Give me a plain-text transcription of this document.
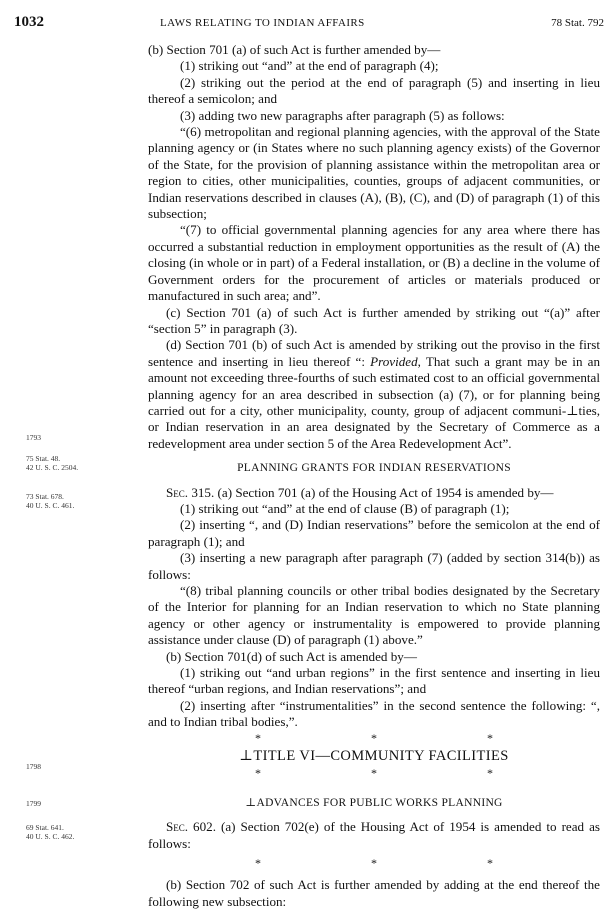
1032	LAWS RELATING TO INDIAN AFFAIRS	78 Stat. 792
1793
75 Stat. 48.
42 U. S. C. 2504.
73 Stat. 678.
40 U. S. C. 461.
1798
1799
69 Stat. 641.
40 U. S. C. 462.

(b) Section 701 (a) of such Act is further amended by—

(1) striking out “and” at the end of paragraph (4);

(2) striking out the period at the end of paragraph (5) and inserting in lieu thereof a semicolon; and

(3) adding two new paragraphs after paragraph (5) as follows:

“(6) metropolitan and regional planning agencies, with the approval of the State planning agency or (in States where no such planning agency exists) of the Governor of the State, for the provision of planning assistance within the metropolitan area or region to cities, other municipalities, counties, groups of adjacent communities, or Indian reservations described in clauses (A), (B), (C), and (D) of paragraph (1) of this subsection;

“(7) to official governmental planning agencies for any area where there has occurred a substantial reduction in employment opportunities as the result of (A) the closing (in whole or in part) of a Federal installation, or (B) a decline in the volume of Government orders for the procurement of articles or materials produced or manufactured in such area; and”.

(c) Section 701 (a) of such Act is further amended by striking out “(a)” after “section 5” in paragraph (3).

(d) Section 701 (b) of such Act is amended by striking out the proviso in the first sentence and inserting in lieu thereof “: Provided, That such a grant may be in an amount not exceeding three-fourths of such estimated cost to an official governmental planning agency for an area described in subsection (a) (7), or for planning being carried out for a city, other municipality, county, group of adjacent communi-⊥ties, or Indian reservation in an area designated by the Secretary of Commerce as a redevelopment area under section 5 of the Area Redevelopment Act”.

PLANNING GRANTS FOR INDIAN RESERVATIONS

Sec. 315. (a) Section 701 (a) of the Housing Act of 1954 is amended by—

(1) striking out “and” at the end of clause (B) of paragraph (1);

(2) inserting “, and (D) Indian reservations” before the semicolon at the end of paragraph (1); and

(3) inserting a new paragraph after paragraph (7) (added by section 314(b)) as follows:

“(8) tribal planning councils or other tribal bodies designated by the Secretary of the Interior for planning for an Indian reservation to which no State planning agency or other agency or instrumentality is empowered to provide planning assistance under clause (D) of paragraph (1) above.”

(b) Section 701(d) of such Act is amended by—

(1) striking out “and urban regions” in the first sentence and inserting in lieu thereof “urban regions, and Indian reservations”; and

(2) inserting after “instrumentalities” in the second sentence the following: “, and to Indian tribal bodies,”.

*	*	*

⊥TITLE VI—COMMUNITY FACILITIES

*	*	*

⊥ADVANCES FOR PUBLIC WORKS PLANNING

Sec. 602. (a) Section 702(e) of the Housing Act of 1954 is amended to read as follows:

*	*	*

(b) Section 702 of such Act is further amended by adding at the end thereof the following new subsection:
